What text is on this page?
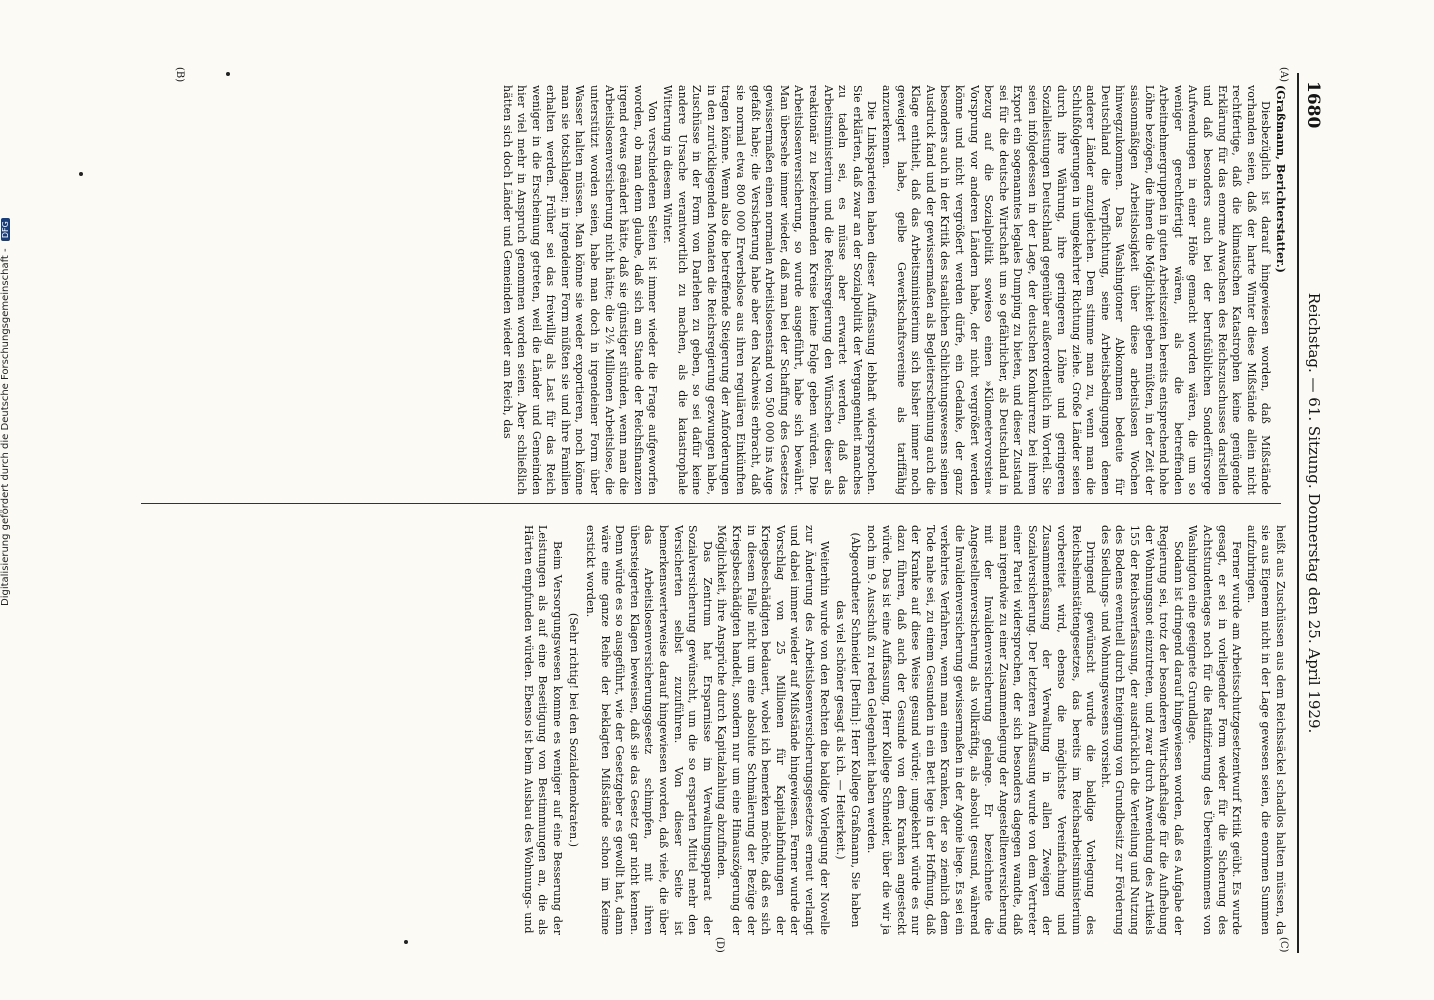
1680
Reichstag. — 61. Sitzung. Donnerstag den 25. April 1929.
(A)
(B)
(C)
(D)

(Graßmann, Berichterstatter.)

Diesbezüglich ist darauf hingewiesen worden, daß Mißstände vorhanden seien, daß der harte Winter diese Mißstände allein nicht rechtfertige, daß die klimatischen Katastrophen keine genügende Erklärung für das enorme Anwachsen des Reichszuschusses darstellen und daß besonders auch bei der berufsüblichen Sonderfürsorge Aufwendungen in einer Höhe gemacht worden wären, die um so weniger gerechtfertigt wären, als die betreffenden Arbeitnehmergruppen in guten Arbeitszeiten bereits entsprechend hohe Löhne bezögen, die ihnen die Möglichkeit geben müßten, in der Zeit der saisonmäßigen Arbeitslosigkeit über diese arbeitslosen Wochen hinwegzukommen. Das Washingtoner Abkommen bedeute für Deutschland die Verpflichtung, seine Arbeitsbedingungen denen anderer Länder anzugleichen. Dem stimme man zu, wenn man die Schlußfolgerungen in umgekehrter Richtung ziehe. Große Länder seien durch ihre Währung, ihre geringeren Löhne und geringeren Sozialleistungen Deutschland gegenüber außerordentlich im Vorteil. Sie seien infolgedessen in der Lage, der deutschen Konkurrenz bei ihrem Export ein sogenanntes legales Dumping zu bieten, und dieser Zustand sei für die deutsche Wirtschaft um so gefährlicher, als Deutschland in bezug auf die Sozialpolitik sowieso einen »Kilometervorstein« Vorsprung vor anderen Ländern habe, der nicht vergrößert werden könne und nicht vergrößert werden dürfe, ein Gedanke, der ganz besonders auch in der Kritik des staatlichen Schlichtungswesens seinen Ausdruck fand und der gewissermaßen als Begleiterscheinung auch die Klage enthielt, daß das Arbeitsministerium sich bisher immer noch geweigert habe, gelbe Gewerkschaftsvereine als tariffähig anzuerkennen.

Die Linksparteien haben dieser Auffassung lebhaft widersprochen. Sie erklärten, daß zwar an der Sozialpolitik der Vergangenheit manches zu tadeln sei, es müsse aber erwartet werden, daß das Arbeitsministerium und die Reichsregierung den Wünschen dieser als reaktionär zu bezeichnenden Kreise keine Folge geben würden. Die Arbeitslosenversicherung, so wurde ausgeführt, habe sich bewährt. Man übersehe immer wieder, daß man bei der Schaffung des Gesetzes gewissermaßen einen normalen Arbeitslosenstand von 500 000 ins Auge gefaßt habe; die Versicherung habe aber den Nachweis erbracht, daß sie normal etwa 800 000 Erwerbslose aus ihren regulären Einkünften tragen könne. Wenn also die betreffende Steigerung der Anforderungen in den zurückliegenden Monaten die Reichsregierung gezwungen habe, Zuschüsse in der Form von Darlehen zu geben, so sei dafür keine andere Ursache verantwortlich zu machen, als die katastrophale Witterung in diesem Winter.

Von verschiedenen Seiten ist immer wieder die Frage aufgeworfen worden, ob man denn glaube, daß sich am Stande der Reichsfinanzen irgend etwas geändert hätte, daß sie günstiger stünden, wenn man die Arbeitslosenversicherung nicht hätte; die 2½ Millionen Arbeitslose, die unterstützt worden seien, habe man doch in irgendeiner Form über Wasser halten müssen. Man könne sie weder exportieren, noch könne man sie totschlagen; in irgendeiner Form müßten sie und ihre Familien erhalten werden. Früher sei das freiwillig als Last für das Reich weniger in die Erscheinung getreten, weil die Länder und Gemeinden hier viel mehr in Anspruch genommen worden seien. Aber schließlich hätten sich doch Länder und Gemeinden wieder am Reich, das

heißt aus Zuschüssen aus dem Reichssäckel schadlos halten müssen, da sie aus Eigenem nicht in der Lage gewesen seien, die enormen Summen aufzubringen.

Ferner wurde am Arbeitsschutzgesetzentwurf Kritik geübt. Es wurde gesagt, er sei in vorliegender Form weder für die Sicherung des Achtstundentages noch für die Ratifizierung des Übereinkommens von Washington eine geeignete Grundlage.

Sodann ist dringend darauf hingewiesen worden, daß es Aufgabe der Regierung sei, trotz der besonderen Wirtschaftslage für die Aufhebung der Wohnungsnot einzutreten, und zwar durch Anwendung des Artikels 155 der Reichsverfassung, der ausdrücklich die Verteilung und Nutzung des Bodens eventuell durch Enteignung von Grundbesitz zur Förderung des Siedlungs- und Wohnungswesens vorsieht.

Dringend gewünscht wurde die baldige Vorlegung des Reichsheimstättengesetzes, das bereits im Reichsarbeitsministerium vorbereitet wird, ebenso die möglichste Vereinfachung und Zusammenfassung der Verwaltung in allen Zweigen der Sozialversicherung. Der letzteren Auffassung wurde von dem Vertreter einer Partei widersprochen, der sich besonders dagegen wandte, daß man irgendwie zu einer Zusammenlegung der Angestelltenversicherung mit der Invalidenversicherung gelange. Er bezeichnete die Angestelltenversicherung als vollkräftig, als absolut gesund, während die Invalidenversicherung gewissermaßen in der Agonie liege. Es sei ein verkehrtes Verfahren, wenn man einen Kranken, der so ziemlich dem Tode nahe sei, zu einem Gesunden in ein Bett lege in der Hoffnung, daß der Kranke auf diese Weise gesund würde; umgekehrt würde es nur dazu führen, daß auch der Gesunde von dem Kranken angesteckt würde. Das ist eine Auffassung, Herr Kollege Schneider, über die wir ja noch im 9. Ausschuß zu reden Gelegenheit haben werden.

(Abgeordneter Schneider [Berlin]: Herr Kollege Graßmann, Sie haben das viel schöner gesagt als ich. — Heiterkeit.)

Weiterhin wurde von den Rechten die baldige Vorlegung der Novelle zur Änderung des Arbeitslosenversicherungsgesetzes erneut verlangt und dabei immer wieder auf Mißstände hingewiesen. Ferner wurde der Vorschlag von 25 Millionen für Kapitalabfindungen der Kriegsbeschädigten bedauert, wobei ich bemerken möchte, daß es sich in diesem Falle nicht um eine absolute Schmälerung der Bezüge der Kriegsbeschädigten handelt, sondern nur um eine Hinauszögerung der Möglichkeit, ihre Ansprüche durch Kapitalzahlung abzufinden.

Das Zentrum hat Ersparnisse im Verwaltungsapparat der Sozialversicherung gewünscht, um die so ersparten Mittel mehr den Versicherten selbst zuzuführen. Von dieser Seite ist bemerkenswerterweise darauf hingewiesen worden, daß viele, die über das Arbeitslosenversicherungsgesetz schimpfen, mit ihren übersteigerten Klagen beweisen, daß sie das Gesetz gar nicht kennen. Denn würde es so ausgeführt, wie der Gesetzgeber es gewollt hat, dann wäre eine ganze Reihe der beklagten Mißstände schon im Keime erstickt worden.

(Sehr richtig! bei den Sozialdemokraten.)

Beim Versorgungswesen komme es weniger auf eine Besserung der Leistungen als auf eine Beseitigung von Bestimmungen an, die als Härten empfunden würden. Ebenso ist beim Ausbau des Wohnungs- und

Digitalisierung gefördert durch die Deutsche Forschungsgemeinschaft - DFG
